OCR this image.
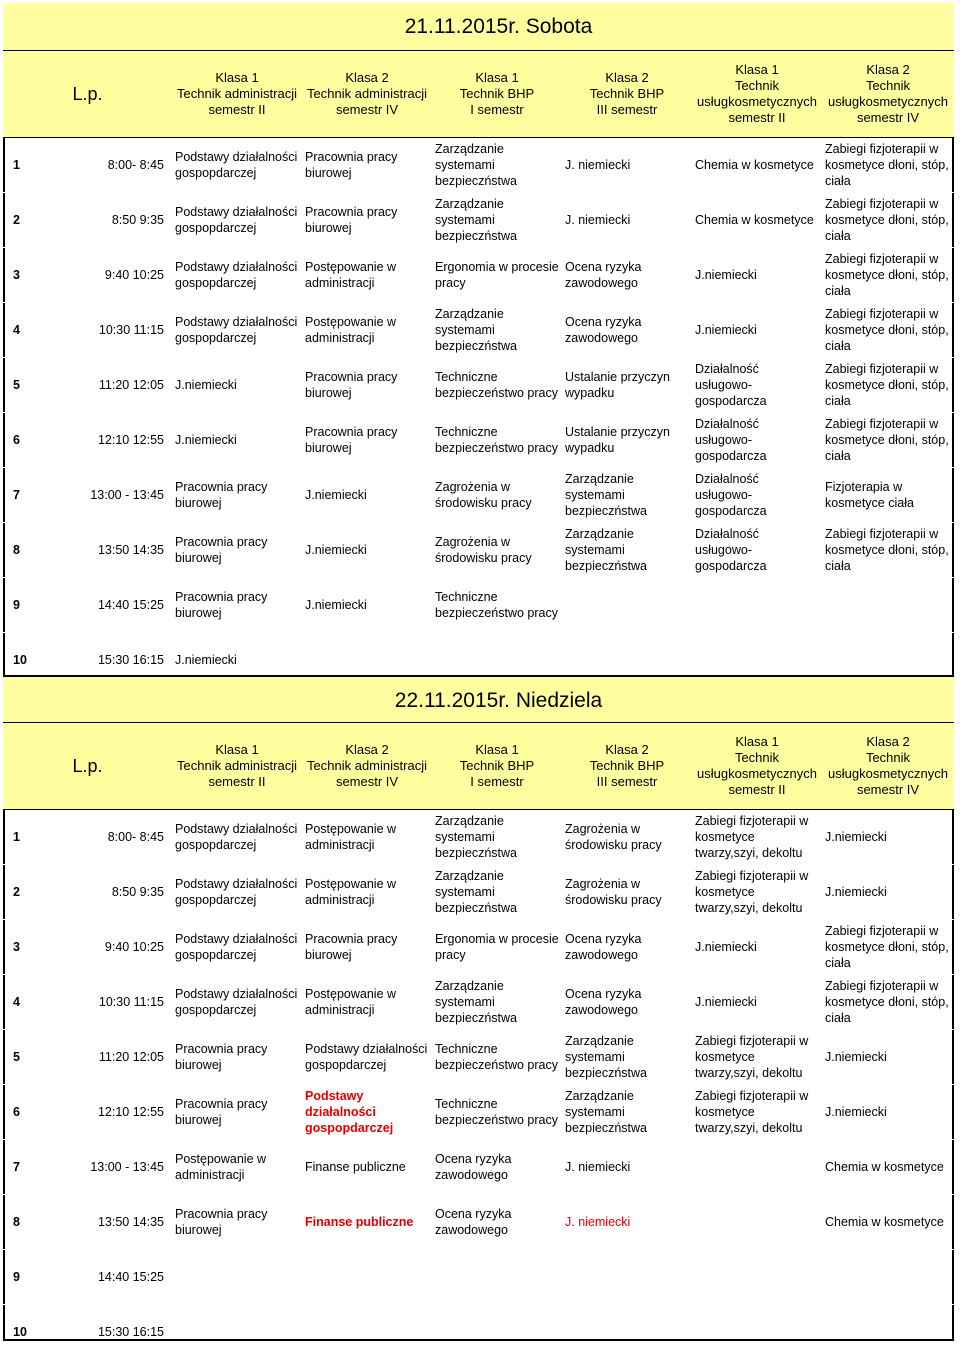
21.11.2015r. Sobota
L.p.		Klasa 1
Technik administracji
semestr II	Klasa 2
Technik administracji
semestr IV	Klasa 1
Technik BHP
I semestr	Klasa 2
Technik BHP
III semestr	Klasa 1
Technik
usługkosmetycznych
semestr II	Klasa 2
Technik
usługkosmetycznych
semestr IV
1	8:00- 8:45	Podstawy działalności gospopdarczej	Pracownia pracy biurowej	Zarządzanie systemami bezpieczństwa	J. niemiecki	Chemia w kosmetyce	Zabiegi fizjoterapii w kosmetyce dłoni, stóp, ciała
2	8:50 9:35	Podstawy działalności gospopdarczej	Pracownia pracy biurowej	Zarządzanie systemami bezpieczństwa	J. niemiecki	Chemia w kosmetyce	Zabiegi fizjoterapii w kosmetyce dłoni, stóp, ciała
3	9:40 10:25	Podstawy działalności gospopdarczej	Postępowanie w administracji	Ergonomia w procesie pracy	Ocena ryzyka zawodowego	J.niemiecki	Zabiegi fizjoterapii w kosmetyce dłoni, stóp, ciała
4	10:30 11:15	Podstawy działalności gospopdarczej	Postępowanie w administracji	Zarządzanie systemami bezpieczństwa	Ocena ryzyka zawodowego	J.niemiecki	Zabiegi fizjoterapii w kosmetyce dłoni, stóp, ciała
5	11:20 12:05	J.niemiecki	Pracownia pracy biurowej	Techniczne bezpieczeństwo pracy	Ustalanie przyczyn wypadku	Działalność usługowo-gospodarcza	Zabiegi fizjoterapii w kosmetyce dłoni, stóp, ciała
6	12:10 12:55	J.niemiecki	Pracownia pracy biurowej	Techniczne bezpieczeństwo pracy	Ustalanie przyczyn wypadku	Działalność usługowo-gospodarcza	Zabiegi fizjoterapii w kosmetyce dłoni, stóp, ciała
7	13:00 - 13:45	Pracownia pracy biurowej	J.niemiecki	Zagrożenia w środowisku pracy	Zarządzanie systemami bezpieczństwa	Działalność usługowo-gospodarcza	Fizjoterapia w kosmetyce ciała
8	13:50 14:35	Pracownia pracy biurowej	J.niemiecki	Zagrożenia w środowisku pracy	Zarządzanie systemami bezpieczństwa	Działalność usługowo-gospodarcza	Zabiegi fizjoterapii w kosmetyce dłoni, stóp, ciała
9	14:40 15:25	Pracownia pracy biurowej	J.niemiecki	Techniczne bezpieczeństwo pracy			
10	15:30 16:15	J.niemiecki					
22.11.2015r. Niedziela
L.p.		Klasa 1
Technik administracji
semestr II	Klasa 2
Technik administracji
semestr IV	Klasa 1
Technik BHP
I semestr	Klasa 2
Technik BHP
III semestr	Klasa 1
Technik
usługkosmetycznych
semestr II	Klasa 2
Technik
usługkosmetycznych
semestr IV
1	8:00- 8:45	Podstawy działalności gospopdarczej	Postępowanie w administracji	Zarządzanie systemami bezpieczństwa	Zagrożenia w środowisku pracy	Zabiegi fizjoterapii w kosmetyce twarzy,szyi, dekoltu	J.niemiecki
2	8:50 9:35	Podstawy działalności gospopdarczej	Postępowanie w administracji	Zarządzanie systemami bezpieczństwa	Zagrożenia w środowisku pracy	Zabiegi fizjoterapii w kosmetyce twarzy,szyi, dekoltu	J.niemiecki
3	9:40 10:25	Podstawy działalności gospopdarczej	Pracownia pracy biurowej	Ergonomia w procesie pracy	Ocena ryzyka zawodowego	J.niemiecki	Zabiegi fizjoterapii w kosmetyce dłoni, stóp, ciała
4	10:30 11:15	Podstawy działalności gospopdarczej	Postępowanie w administracji	Zarządzanie systemami bezpieczństwa	Ocena ryzyka zawodowego	J.niemiecki	Zabiegi fizjoterapii w kosmetyce dłoni, stóp, ciała
5	11:20 12:05	Pracownia pracy biurowej	Podstawy działalności gospopdarczej	Techniczne bezpieczeństwo pracy	Zarządzanie systemami bezpieczństwa	Zabiegi fizjoterapii w kosmetyce twarzy,szyi, dekoltu	J.niemiecki
6	12:10 12:55	Pracownia pracy biurowej	Podstawy działalności gospopdarczej	Techniczne bezpieczeństwo pracy	Zarządzanie systemami bezpieczństwa	Zabiegi fizjoterapii w kosmetyce twarzy,szyi, dekoltu	J.niemiecki
7	13:00 - 13:45	Postępowanie w administracji	Finanse publiczne	Ocena ryzyka zawodowego	J. niemiecki		Chemia w kosmetyce
8	13:50 14:35	Pracownia pracy biurowej	Finanse publiczne	Ocena ryzyka zawodowego	J. niemiecki		Chemia w kosmetyce
9	14:40 15:25						
10	15:30 16:15						
